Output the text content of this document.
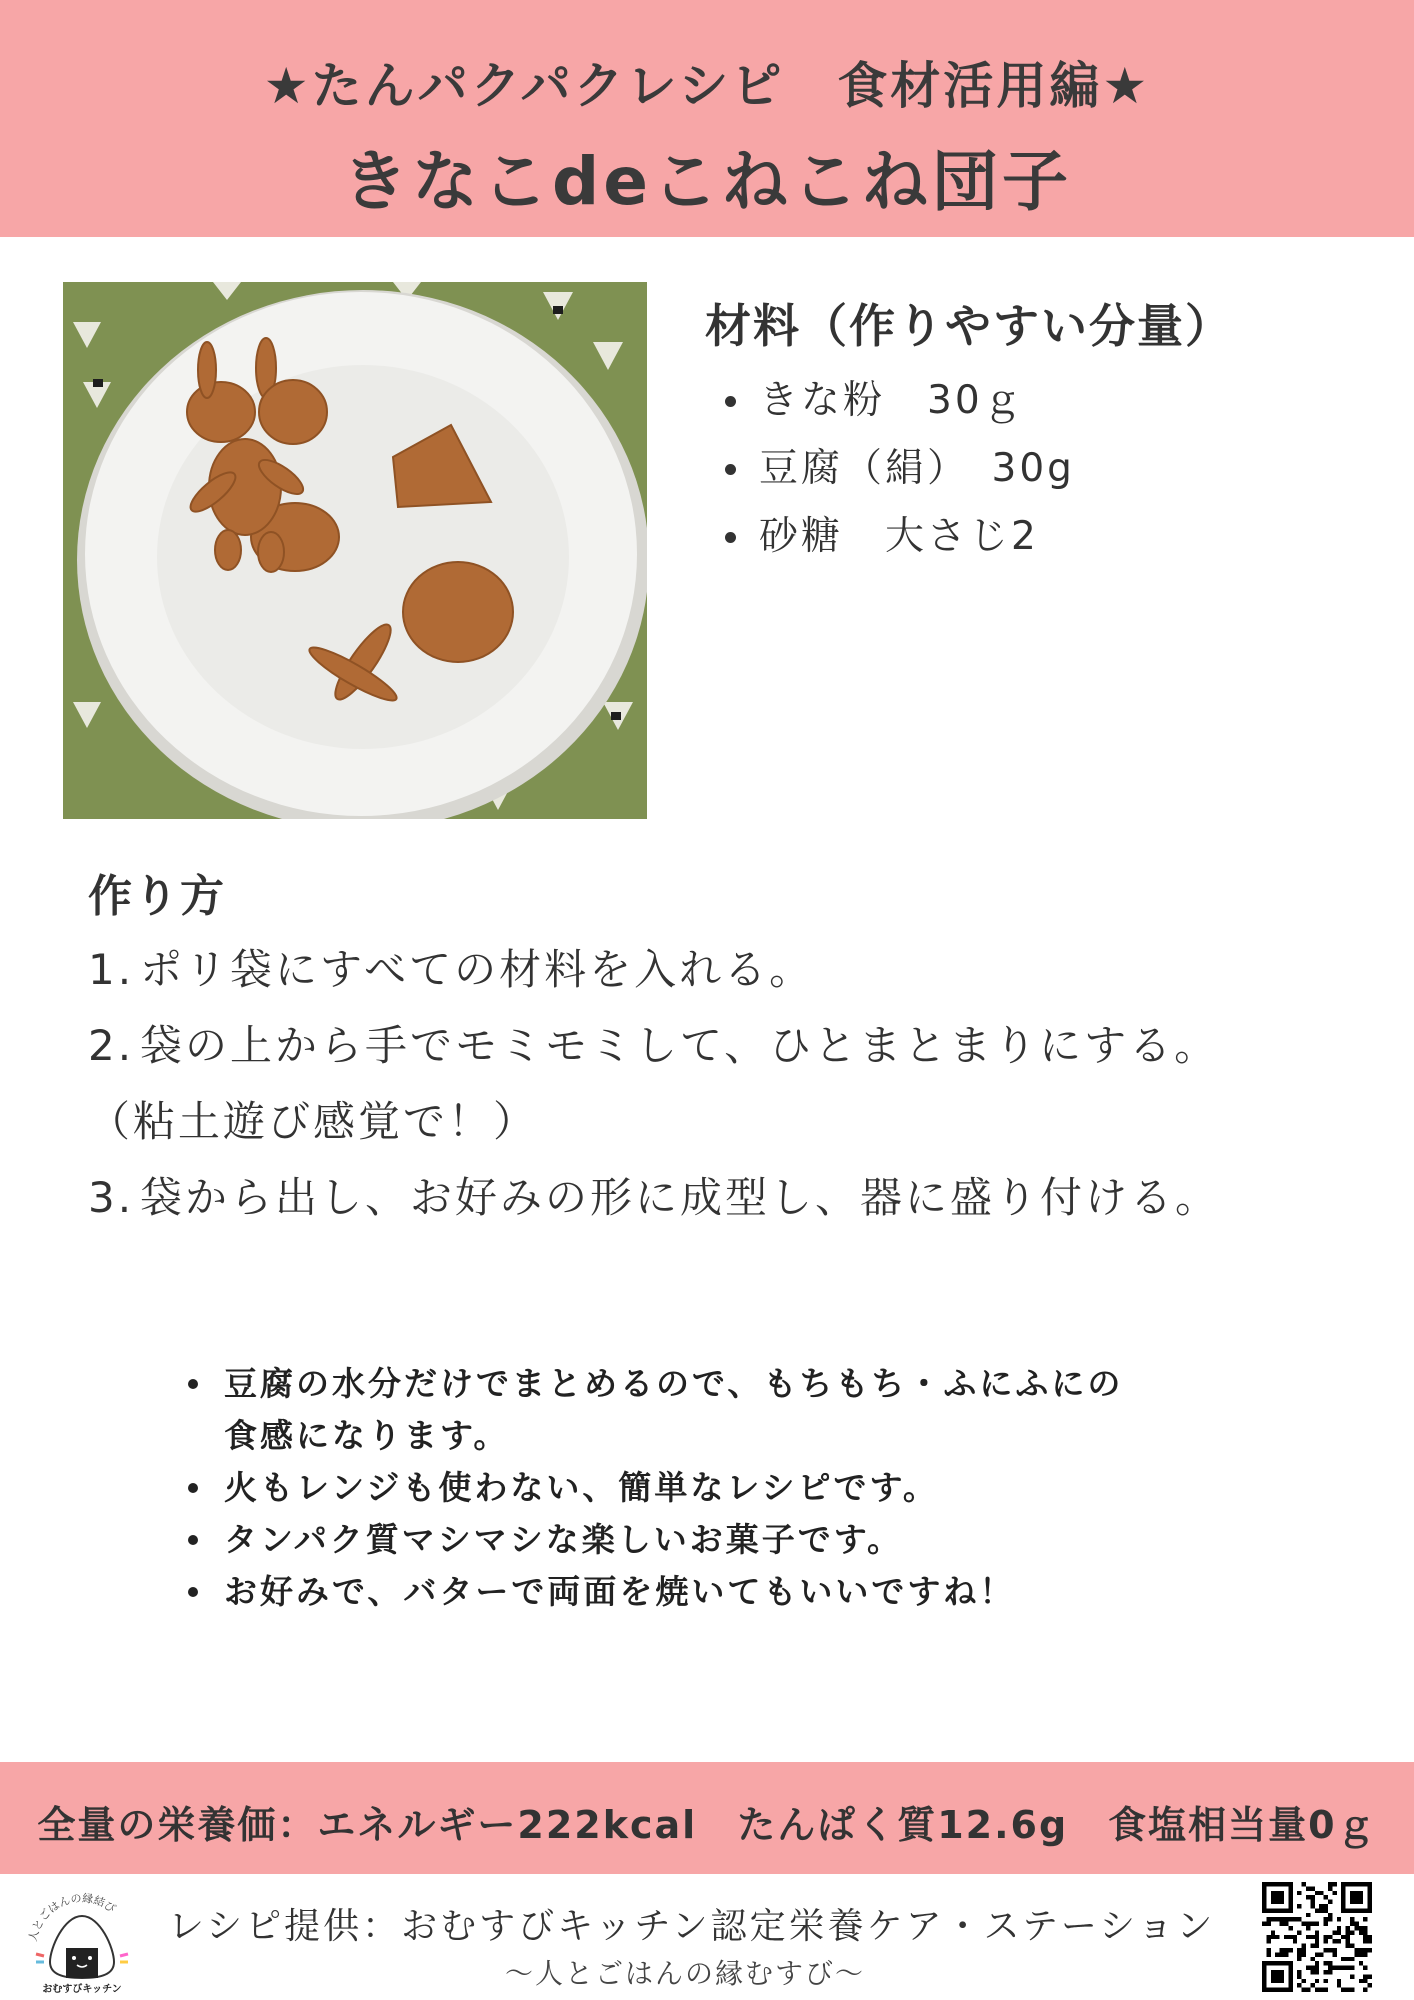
★たんパクパクレシピ　食材活用編★
きなこdeこねこね団子
材料（作りやすい分量）
きな粉　30ｇ
豆腐（絹）　30g
砂糖　大さじ2
作り方
1. ポリ袋にすべての材料を入れる。
2. 袋の上から手でモミモミして、ひとまとまりにする。
（粘土遊び感覚で！）
3. 袋から出し、お好みの形に成型し、器に盛り付ける。
豆腐の水分だけでまとめるので、もちもち・ふにふにの
食感になります。
火もレンジも使わない、簡単なレシピです。
タンパク質マシマシな楽しいお菓子です。
お好みで、バターで両面を焼いてもいいですね！
全量の栄養価：エネルギー222kcal　たんぱく質12.6g　食塩相当量0ｇ
人とごはんの縁結び
おむすびキッチン
レシピ提供：おむすびキッチン認定栄養ケア・ステーション
〜人とごはんの縁むすび〜
